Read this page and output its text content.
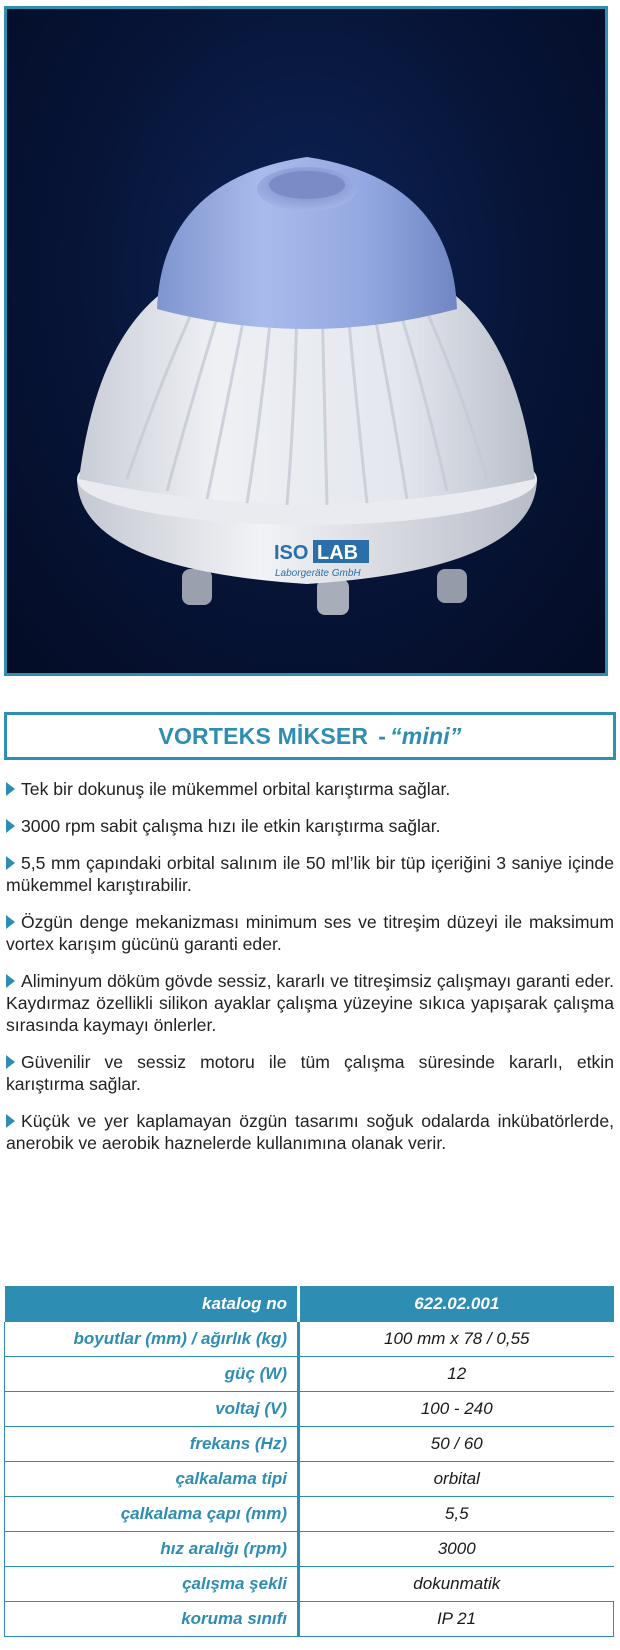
ISO LAB
Laborgeräte GmbH
VORTEKS MİKSER - “mini”
Tek bir dokunuş ile mükemmel orbital karıştırma sağlar.
3000 rpm sabit çalışma hızı ile etkin karıştırma sağlar.
5,5 mm çapındaki orbital salınım ile 50 ml’lik bir tüp içeriğini 3 saniye içinde mükemmel karıştırabilir.
Özgün denge mekanizması minimum ses ve titreşim düzeyi ile maksimum vortex karışım gücünü garanti eder.
Aliminyum döküm gövde sessiz, kararlı ve titreşimsiz çalışmayı garanti eder. Kaydırmaz özellikli silikon ayaklar çalışma yüzeyine sıkıca yapışarak çalışma sırasında kaymayı önlerler.
Güvenilir ve sessiz motoru ile tüm çalışma süresinde kararlı, etkin karıştırma sağlar.
Küçük ve yer kaplamayan özgün tasarımı soğuk odalarda inkübatörlerde, anerobik ve aerobik haznelerde kullanımına olanak verir.
katalog no	622.02.001
boyutlar (mm) / ağırlık (kg)	100 mm x 78 / 0,55
güç (W)	12
voltaj (V)	100 - 240
frekans (Hz)	50 / 60
çalkalama tipi	orbital
çalkalama çapı (mm)	5,5
hız aralığı (rpm)	3000
çalışma şekli	dokunmatik
koruma sınıfı	IP 21
